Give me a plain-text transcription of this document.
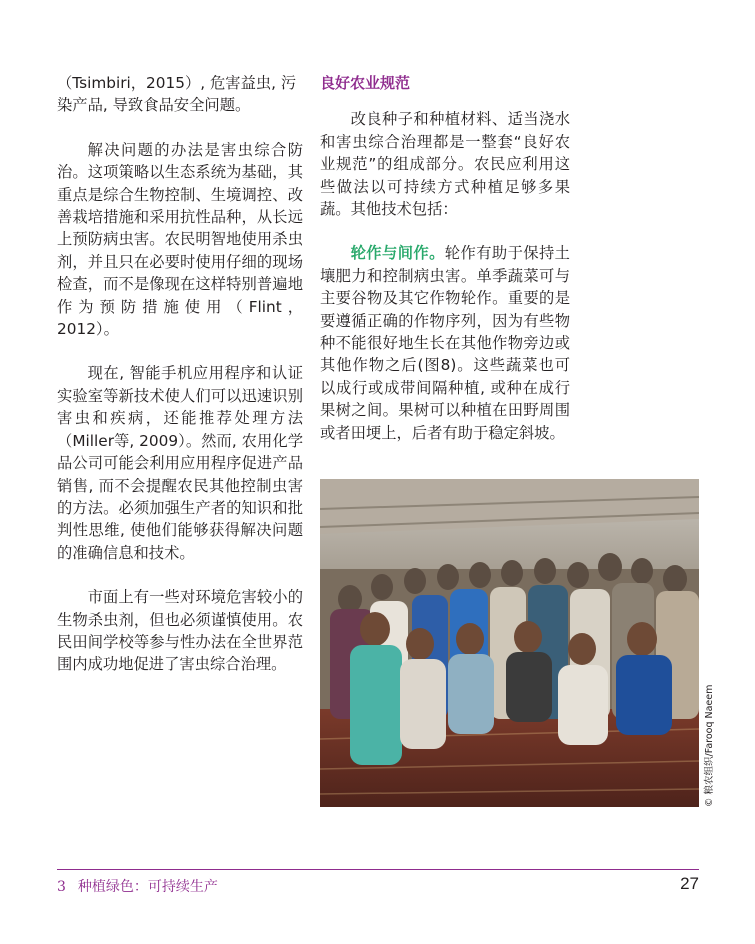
（Tsimbiri，2015）, 危害益虫, 污染产品, 导致食品安全问题。

解决问题的办法是害虫综合防治。这项策略以生态系统为基础，其重点是综合生物控制、生境调控、改善栽培措施和采用抗性品种，从长远上预防病虫害。农民明智地使用杀虫剂，并且只在必要时使用仔细的现场检查，而不是像现在这样特别普遍地作为预防措施使用（Flint，2012）。

现在, 智能手机应用程序和认证实验室等新技术使人们可以迅速识别害虫和疾病，还能推荐处理方法（Miller等, 2009）。然而, 农用化学品公司可能会利用应用程序促进产品销售, 而不会提醒农民其他控制虫害的方法。必须加强生产者的知识和批判性思维, 使他们能够获得解决问题的准确信息和技术。

市面上有一些对环境危害较小的生物杀虫剂，但也必须谨慎使用。农民田间学校等参与性办法在全世界范围内成功地促进了害虫综合治理。

良好农业规范

改良种子和种植材料、适当浇水和害虫综合治理都是一整套“良好农业规范”的组成部分。农民应利用这些做法以可持续方式种植足够多果蔬。其他技术包括：

轮作与间作。轮作有助于保持土壤肥力和控制病虫害。单季蔬菜可与主要谷物及其它作物轮作。重要的是要遵循正确的作物序列，因为有些物种不能很好地生长在其他作物旁边或其他作物之后(图8)。这些蔬菜也可以成行或成带间隔种植, 或种在成行果树之间。果树可以种植在田野周围或者田埂上，后者有助于稳定斜坡。

© 粮农组织/Farooq Naeem
3 种植绿色：可持续生产	27
